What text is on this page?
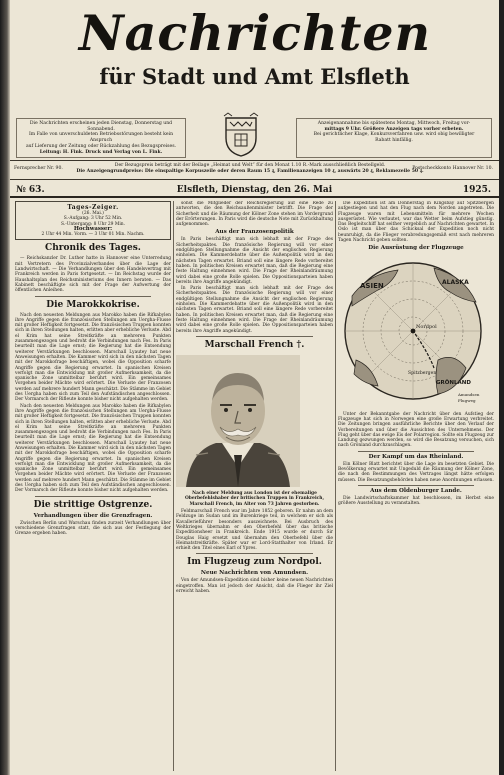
Nachrichten
für Stadt und Amt Elsfleth
Die Nachrichten erscheinen jeden Dienstag, Donnerstag und Sonnabend.
Im Falle von unverschuldeten Betriebsstörungen besteht kein Anspruch
auf Lieferung der Zeitung oder Rückzahlung des Bezugspreises.
Leitung: H. Fink. Druck und Verlag von L. Fink.
Anzeigenannahme bis spätestens Montag, Mittwoch, Freitag vor-
mittags 9 Uhr. Größere Anzeigen tags vorher erbeten.
Bei gerichtlicher Klage, Konkursverfahren usw. wird obig bewilligter
Rabatt hinfällig.
Fernsprecher Nr. 90.
Der Bezugspreis beträgt mit der Beilage „Heimat und Welt“ für den Monat 1.10 R.-Mark ausschließlich Bestellgeld.
Die Anzeigengrundpreise: Die einspaltige Korpuszeile oder deren Raum 15 ₰, Familienanzeigen 10 ₰, auswärts 20 ₰, Reklamezeile 50 ₰.
Postscheckkonto Hannover Nr. 10.
№ 63.	Elsfleth, Dienstag, den 26. Mai	1925.
Tages-Zeiger.

(26. Mai.)

S.-Aufgang: 3 Uhr 52 Min.

S.-Untergang: 8 Uhr 29 Min.

Hochwasser:

2 Uhr 44 Min. Vorm. — 3 Uhr 01 Min. Nachm.

Chronik des Tages.

— Reichskanzler Dr. Luther hatte in Hannover eine Unterredung mit Vertretern des Provinzialverbandes über die Lage der Landwirtschaft. — Die Verhandlungen über den Handelsvertrag mit Frankreich werden in Paris fortgesetzt. — Im Reichstag wurde der Haushaltsplan des Reichsministeriums des Innern beraten. — Das Kabinett beschäftigte sich mit der Frage der Aufwertung der öffentlichen Anleihen.

Die Marokkokrise.

Nach den neuesten Meldungen aus Marokko haben die Rifkabylen ihre Angriffe gegen die französischen Stellungen am Uergha-Flusse mit großer Heftigkeit fortgesetzt. Die französischen Truppen konnten sich in ihren Stellungen halten, erlitten aber erhebliche Verluste. Abd el Krim hat seine Streitkräfte an mehreren Punkten zusammengezogen und bedroht die Verbindungen nach Fes. In Paris beurteilt man die Lage ernst; die Regierung hat die Entsendung weiterer Verstärkungen beschlossen. Marschall Lyautey hat neue Anweisungen erhalten. Die Kammer wird sich in den nächsten Tagen mit der Marokkofrage beschäftigen, wobei die Opposition scharfe Angriffe gegen die Regierung erwartet. In spanischen Kreisen verfolgt man die Entwicklung mit großer Aufmerksamkeit, da die spanische Zone unmittelbar berührt wird. Ein gemeinsames Vorgehen beider Mächte wird erörtert. Die Verluste der Franzosen werden auf mehrere hundert Mann geschätzt. Die Stämme im Gebiet des Uergha haben sich zum Teil den Aufständischen angeschlossen. Der Vormarsch der Rifleute konnte bisher nicht aufgehalten werden.

Nach den neuesten Meldungen aus Marokko haben die Rifkabylen ihre Angriffe gegen die französischen Stellungen am Uergha-Flusse mit großer Heftigkeit fortgesetzt. Die französischen Truppen konnten sich in ihren Stellungen halten, erlitten aber erhebliche Verluste. Abd el Krim hat seine Streitkräfte an mehreren Punkten zusammengezogen und bedroht die Verbindungen nach Fes. In Paris beurteilt man die Lage ernst; die Regierung hat die Entsendung weiterer Verstärkungen beschlossen. Marschall Lyautey hat neue Anweisungen erhalten. Die Kammer wird sich in den nächsten Tagen mit der Marokkofrage beschäftigen, wobei die Opposition scharfe Angriffe gegen die Regierung erwartet. In spanischen Kreisen verfolgt man die Entwicklung mit großer Aufmerksamkeit, da die spanische Zone unmittelbar berührt wird. Ein gemeinsames Vorgehen beider Mächte wird erörtert. Die Verluste der Franzosen werden auf mehrere hundert Mann geschätzt. Die Stämme im Gebiet des Uergha haben sich zum Teil den Aufständischen angeschlossen. Der Vormarsch der Rifleute konnte bisher nicht aufgehalten werden.

Die strittige Ostgrenze.
Verhandlungen über die Grenzfragen.

Zwischen Berlin und Warschau finden zurzeit Verhandlungen über verschiedene Grenzfragen statt, die sich aus der Festlegung der Grenze ergeben haben.

sonst die Mitglieder der Reichsregierung auf eine Rede zu antworten, die den Reichsaußenminister betrifft. Die Frage der Sicherheit und die Räumung der Kölner Zone stehen im Vordergrund der Erörterungen. In Paris wird die deutsche Note mit Zurückhaltung aufgenommen.

Aus der Franzosenpolitik

In Paris beschäftigt man sich lebhaft mit der Frage des Sicherheitspaktes. Die französische Regierung will vor einer endgültigen Stellungnahme die Ansicht der englischen Regierung einholen. Die Kammerdebatte über die Außenpolitik wird in den nächsten Tagen erwartet. Briand soll eine längere Rede vorbereitet haben. In politischen Kreisen erwartet man, daß die Regierung eine feste Haltung einnehmen wird. Die Frage der Rheinlandräumung wird dabei eine große Rolle spielen. Die Oppositionsparteien haben bereits ihre Angriffe angekündigt.

In Paris beschäftigt man sich lebhaft mit der Frage des Sicherheitspaktes. Die französische Regierung will vor einer endgültigen Stellungnahme die Ansicht der englischen Regierung einholen. Die Kammerdebatte über die Außenpolitik wird in den nächsten Tagen erwartet. Briand soll eine längere Rede vorbereitet haben. In politischen Kreisen erwartet man, daß die Regierung eine feste Haltung einnehmen wird. Die Frage der Rheinlandräumung wird dabei eine große Rolle spielen. Die Oppositionsparteien haben bereits ihre Angriffe angekündigt.

Marschall French †.
Nach einer Meldung aus London ist der ehemalige Oberbefehlshaber der britischen Truppen in Frankreich, Marschall French, im Alter von 73 Jahren gestorben.

Feldmarschall French war im Jahre 1852 geboren. Er nahm an dem Feldzuge im Sudan und im Burenkriege teil, in welchem er sich als Kavallerieführer besonders auszeichnete. Bei Ausbruch des Weltkrieges übernahm er den Oberbefehl über das britische Expeditionsheer in Frankreich. Ende 1915 wurde er durch Sir Douglas Haig ersetzt und übernahm den Oberbefehl über die Heimatstreitkräfte. Später war er Lord-Statthalter von Irland. Er erhielt den Titel eines Earl of Ypres.

Im Flugzeug zum Nordpol.
Neue Nachrichten von Amundsen.

Von der Amundsen-Expedition sind bisher keine neuen Nachrichten eingetroffen. Man ist jedoch der Ansicht, daß die Flieger ihr Ziel erreicht haben.

Die Expedition ist am Donnerstag in Kingsbay auf Spitzbergen aufgestiegen und hat den Flug nach dem Norden angetreten. Die Flugzeuge waren mit Lebensmitteln für mehrere Wochen ausgerüstet. Wie verlautet, war das Wetter beim Aufstieg günstig. Das Begleitschiff hat seither vergeblich auf Nachrichten gewartet. In Oslo ist man über das Schicksal der Expedition noch nicht beunruhigt, da die Flieger verabredungsgemäß erst nach mehreren Tagen Nachricht geben sollten.

Die Ausrüstung der Flugzeuge
ASIEN	ALASKA
Nordpol
GRÖNLAND
Spitzbergen
Amundsen
Flugweg

Unter der Bekanntgabe der Nachricht über den Aufstieg der Flugzeuge hat sich in Norwegen eine große Erwartung verbreitet. Die Zeitungen bringen ausführliche Berichte über den Verlauf der Vorbereitungen und über die Aussichten des Unternehmens. Der Flug geht über das ewige Eis der Polarregion. Sollte ein Flugzeug zur Landung gezwungen werden, so wird die Besatzung versuchen, sich nach Grönland durchzuschlagen.

Der Kampf um das Rheinland.

Ein Kölner Blatt berichtet über die Lage im besetzten Gebiet. Die Bevölkerung erwartet mit Ungeduld die Räumung der Kölner Zone, die nach den Bestimmungen des Vertrages längst hätte erfolgen müssen. Die Besatzungsbehörden haben neue Anordnungen erlassen.

Aus dem Oldenburger Lande.

Die Landwirtschaftskammer hat beschlossen, im Herbst eine größere Ausstellung zu veranstalten.
